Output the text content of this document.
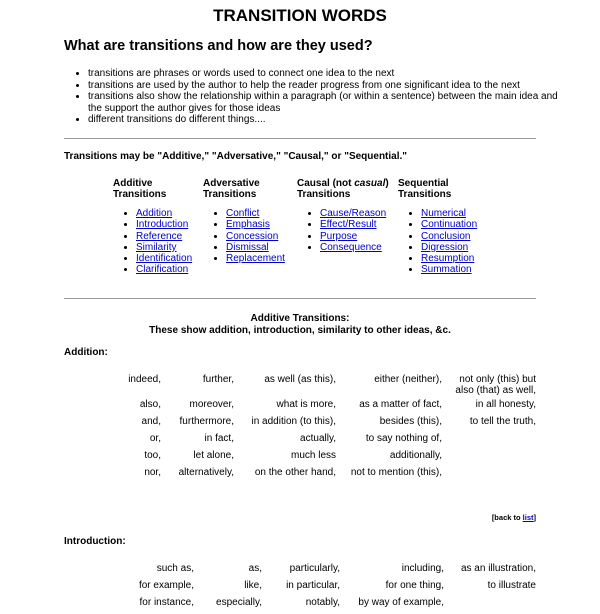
TRANSITION WORDS
What are transitions and how are they used?
• transitions are phrases or words used to connect one idea to the next
• transitions are used by the author to help the reader progress from one significant idea to the next
• transitions also show the relationship within a paragraph (or within a sentence) between the main idea and the support the author gives for those ideas
• different transitions do different things....
Transitions may be "Additive," "Adversative," "Causal," or "Sequential."
Additive
Transitions
• Addition
• Introduction
• Reference
• Similarity
• Identification
• Clarification
Adversative
Transitions
• Conflict
• Emphasis
• Concession
• Dismissal
• Replacement
Causal (not casual)
Transitions
• Cause/Reason
• Effect/Result
• Purpose
• Consequence
Sequential
Transitions
• Numerical
• Continuation
• Conclusion
• Digression
• Resumption
• Summation
Additive Transitions:
These show addition, introduction, similarity to other ideas, &c.
Addition:
indeed,	further,	as well (as this),	either (neither),	not only (this) but also (that) as well,
also,	moreover,	what is more,	as a matter of fact,	in all honesty,
and,	furthermore,	in addition (to this),	besides (this),	to tell the truth,
or,	in fact,	actually,	to say nothing of,	
too,	let alone,	much less	additionally,	
nor,	alternatively,	on the other hand,	not to mention (this),	
[back to list]
Introduction:
such as,	as,	particularly,	including,	as an illustration,
for example,	like,	in particular,	for one thing,	to illustrate
for instance,	especially,	notably,	by way of example,	
